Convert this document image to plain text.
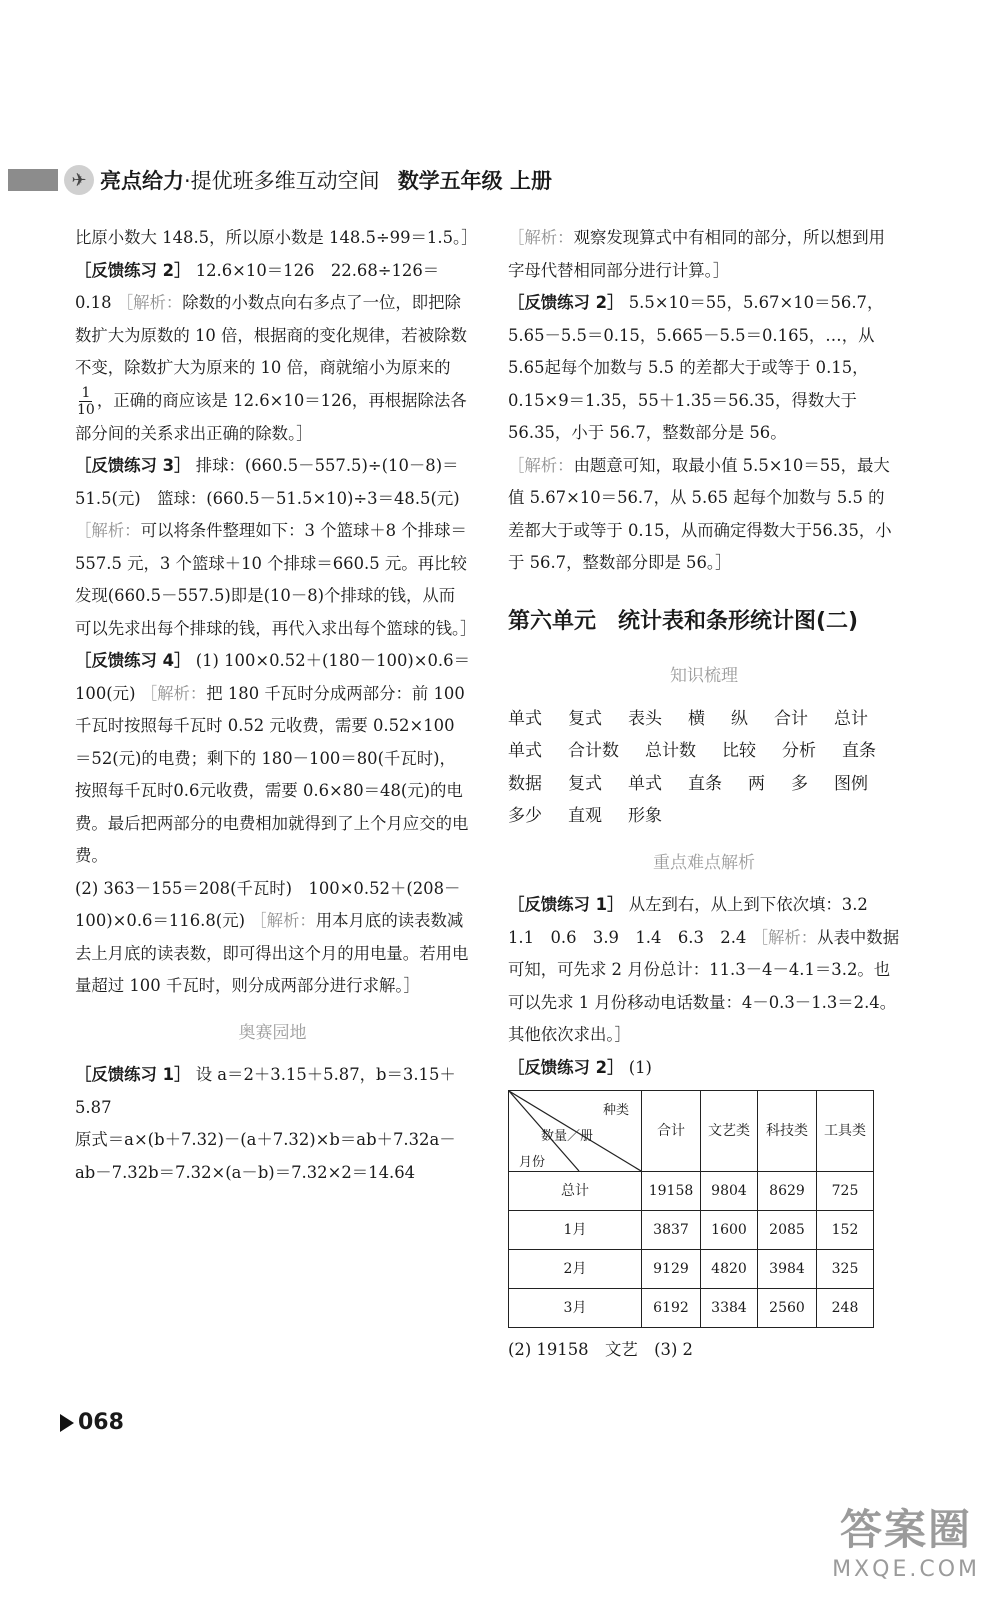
✈ 亮点给力 ·提优班多维互动空间 数学五年级 上册

比原小数大 148.5，所以原小数是 148.5÷99＝1.5。］

［反馈练习 2］ 12.6×10＝126　22.68÷126＝0.18 ［解析：除数的小数点向右多点了一位，即把除数扩大为原数的 10 倍，根据商的变化规律，若被除数不变，除数扩大为原来的 10 倍，商就缩小为原来的
$\frac{1}{10}$ ，正确的商应该是 12.6×10＝126，再根据除法各部分间的关系求出正确的除数。］

［反馈练习 3］ 排球：(660.5－557.5)÷(10－8)＝51.5(元)　篮球：(660.5－51.5×10)÷3＝48.5(元) ［解析：可以将条件整理如下：3 个篮球＋8 个排球＝557.5 元，3 个篮球＋10 个排球＝660.5 元。再比较发现(660.5－557.5)即是(10－8)个排球的钱，从而可以先求出每个排球的钱，再代入求出每个篮球的钱。］

［反馈练习 4］ (1) 100×0.52＋(180－100)×0.6＝100(元) ［解析：把 180 千瓦时分成两部分：前 100 千瓦时按照每千瓦时 0.52 元收费，需要 0.52×100＝52(元)的电费；剩下的 180－100＝80(千瓦时)，按照每千瓦时0.6元收费，需要 0.6×80＝48(元)的电费。最后把两部分的电费相加就得到了上个月应交的电费。

(2) 363－155＝208(千瓦时)　100×0.52＋(208－100)×0.6＝116.8(元) ［解析：用本月底的读表数减去上月底的读表数，即可得出这个月的用电量。若用电量超过 100 千瓦时，则分成两部分进行求解。］

奥赛园地

［反馈练习 1］ 设 a＝2＋3.15＋5.87，b＝3.15＋5.87

原式＝a×(b＋7.32)－(a＋7.32)×b＝ab＋7.32a－ab－7.32b＝7.32×(a－b)＝7.32×2＝14.64

［解析：观察发现算式中有相同的部分，所以想到用字母代替相同部分进行计算。］

［反馈练习 2］ 5.5×10＝55，5.67×10＝56.7，5.65－5.5＝0.15，5.665－5.5＝0.165，…，从 5.65起每个加数与 5.5 的差都大于或等于 0.15，0.15×9＝1.35，55＋1.35＝56.35，得数大于56.35，小于 56.7，整数部分是 56。

［解析：由题意可知，取最小值 5.5×10＝55，最大值 5.67×10＝56.7，从 5.65 起每个加数与 5.5 的差都大于或等于 0.15，从而确定得数大于56.35，小于 56.7，整数部分即是 56。］

第六单元　统计表和条形统计图(二)
知识梳理
单式 复式 表头 横 纵 合计 总计
单式 合计数 总计数 比较 分析 直条
数据 复式 单式 直条 两 多 图例
多少 直观 形象
重点难点解析

［反馈练习 1］ 从左到右，从上到下依次填：3.2　1.1　0.6　3.9　1.4　6.3　2.4 ［解析：从表中数据可知，可先求 2 月份总计：11.3－4－4.1＝3.2。也可以先求 1 月份移动电话数量：4－0.3－1.3＝2.4。其他依次求出。］

［反馈练习 2］ (1)

种类
数量／册
月份	合计	文艺类	科技类	工具类
总计	19158	9804	8629	725
1月	3837	1600	2085	152
2月	9129	4820	3984	325
3月	6192	3384	2560	248

(2) 19158　文艺　(3) 2

068
答案圈
MXQE.COM
